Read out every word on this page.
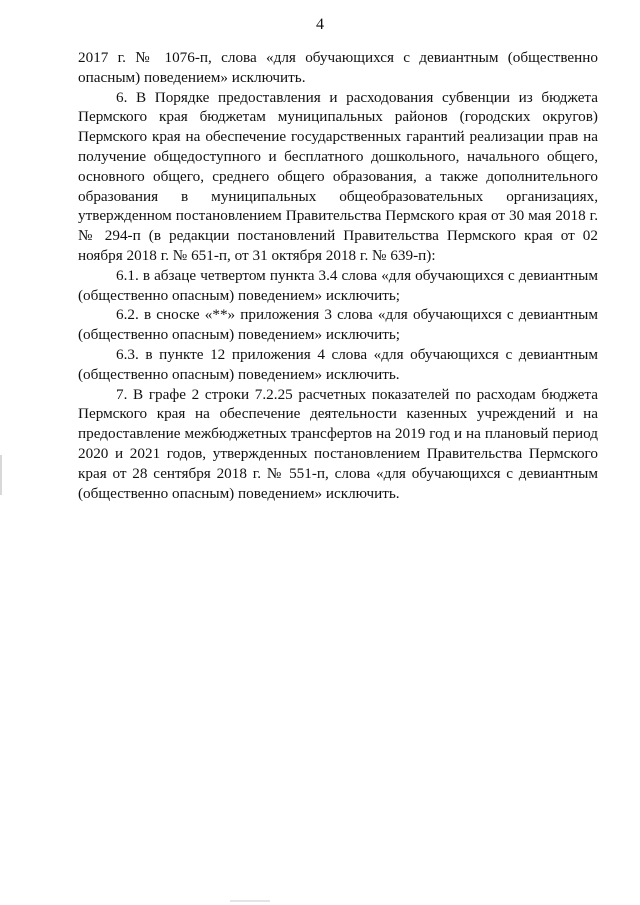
4

2017 г. № 1076-п, слова «для обучающихся с девиантным (общественно опасным) поведением» исключить.

6. В Порядке предоставления и расходования субвенции из бюджета Пермского края бюджетам муниципальных районов (городских округов) Пермского края на обеспечение государственных гарантий реализации прав на получение общедоступного и бесплатного дошкольного, начального общего, основного общего, среднего общего образования, а также дополнительного образования в муниципальных общеобразовательных организациях, утвержденном постановлением Правительства Пермского края от 30 мая 2018 г. № 294-п (в редакции постановлений Правительства Пермского края от 02 ноября 2018 г. № 651-п, от 31 октября 2018 г. № 639-п):

6.1. в абзаце четвертом пункта 3.4 слова «для обучающихся с девиантным (общественно опасным) поведением» исключить;

6.2. в сноске «**» приложения 3 слова «для обучающихся с девиантным (общественно опасным) поведением» исключить;

6.3. в пункте 12 приложения 4 слова «для обучающихся с девиантным (общественно опасным) поведением» исключить.

7. В графе 2 строки 7.2.25 расчетных показателей по расходам бюджета Пермского края на обеспечение деятельности казенных учреждений и на предоставление межбюджетных трансфертов на 2019 год и на плановый период 2020 и 2021 годов, утвержденных постановлением Правительства Пермского края от 28 сентября 2018 г. № 551-п, слова «для обучающихся с девиантным (общественно опасным) поведением» исключить.
